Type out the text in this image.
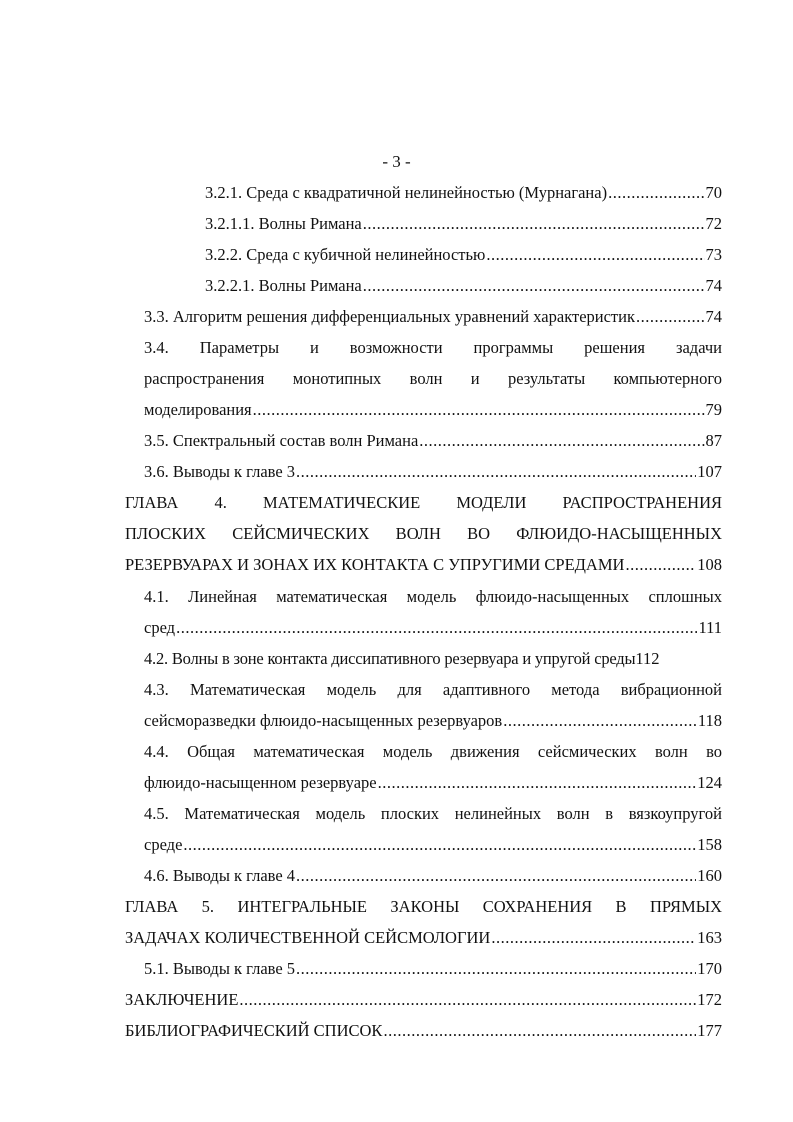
- 3 -
3.2.1. Среда с квадратичной нелинейностью (Мурнагана) .....	70
3.2.1.1. Волны Римана .....	72
3.2.2. Среда с кубичной нелинейностью .....	73
3.2.2.1. Волны Римана .....	74
3.3. Алгоритм решения дифференциальных уравнений характеристик .....	74
3.4. Параметры и возможности программы решения задачи
распространения монотипных волн и результаты компьютерного
моделирования .....	79
3.5. Спектральный состав волн Римана .....	87
3.6. Выводы к главе 3 .....	107
ГЛАВА 4. МАТЕМАТИЧЕСКИЕ МОДЕЛИ РАСПРОСТРАНЕНИЯ
ПЛОСКИХ СЕЙСМИЧЕСКИХ ВОЛН ВО ФЛЮИДО-НАСЫЩЕННЫХ
РЕЗЕРВУАРАХ И ЗОНАХ ИХ КОНТАКТА С УПРУГИМИ СРЕДАМИ .....	108
4.1. Линейная математическая модель флюидо-насыщенных сплошных
сред .....	111
4.2. Волны в зоне контакта диссипативного резервуара и упругой среды 112
4.3. Математическая модель для адаптивного метода вибрационной
сейсморазведки флюидо-насыщенных резервуаров .....	118
4.4. Общая математическая модель движения сейсмических волн во
флюидо-насыщенном резервуаре .....	124
4.5. Математическая модель плоских нелинейных волн в вязкоупругой
среде .....	158
4.6. Выводы к главе 4 .....	160
ГЛАВА 5. ИНТЕГРАЛЬНЫЕ ЗАКОНЫ СОХРАНЕНИЯ В ПРЯМЫХ
ЗАДАЧАХ КОЛИЧЕСТВЕННОЙ СЕЙСМОЛОГИИ .....	163
5.1. Выводы к главе 5 .....	170
ЗАКЛЮЧЕНИЕ .....	172
БИБЛИОГРАФИЧЕСКИЙ СПИСОК .....	177
